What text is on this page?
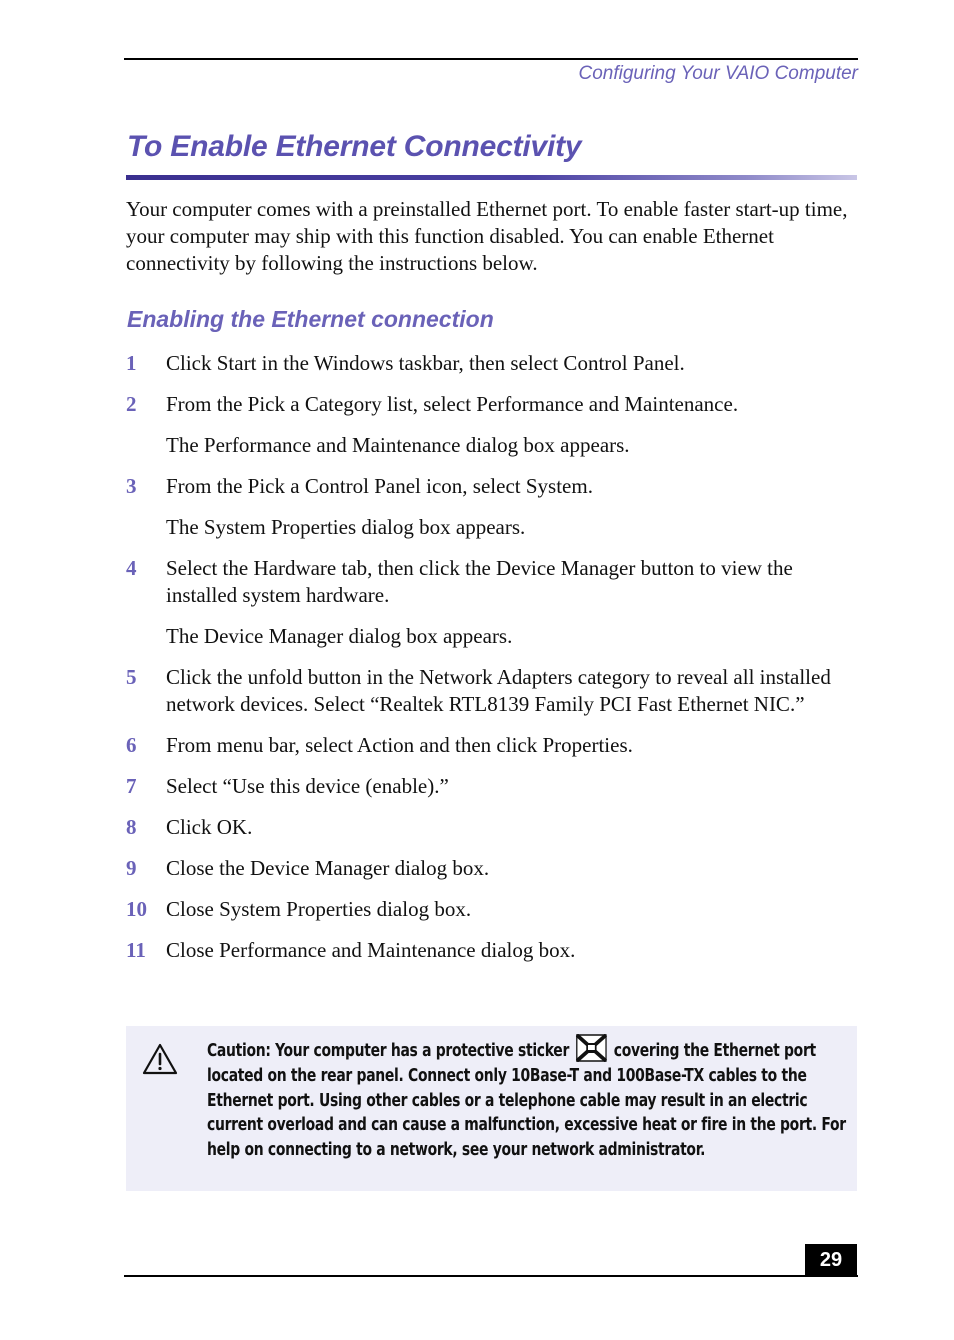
Configuring Your VAIO Computer
To Enable Ethernet Connectivity

Your computer comes with a preinstalled Ethernet port. To enable faster start-up time, your computer may ship with this function disabled. You can enable Ethernet connectivity by following the instructions below.

Enabling the Ethernet connection
1	Click Start in the Windows taskbar, then select Control Panel.
2	From the Pick a Category list, select Performance and Maintenance.
The Performance and Maintenance dialog box appears.
3	From the Pick a Control Panel icon, select System.
The System Properties dialog box appears.
4	Select the Hardware tab, then click the Device Manager button to view the installed system hardware.
The Device Manager dialog box appears.
5	Click the unfold button in the Network Adapters category to reveal all installed network devices. Select “Realtek RTL8139 Family PCI Fast Ethernet NIC.”
6	From menu bar, select Action and then click Properties.
7	Select “Use this device (enable).”
8	Click OK.
9	Close the Device Manager dialog box.
10 Close System Properties dialog box.
11 Close Performance and Maintenance dialog box.

Caution: Your computer has a protective sticker covering the Ethernet port located on the rear panel. Connect only 10Base-T and 100Base-TX cables to the Ethernet port. Using other cables or a telephone cable may result in an electric current overload and can cause a malfunction, excessive heat or fire in the port. For help on connecting to a network, see your network administrator.

29
